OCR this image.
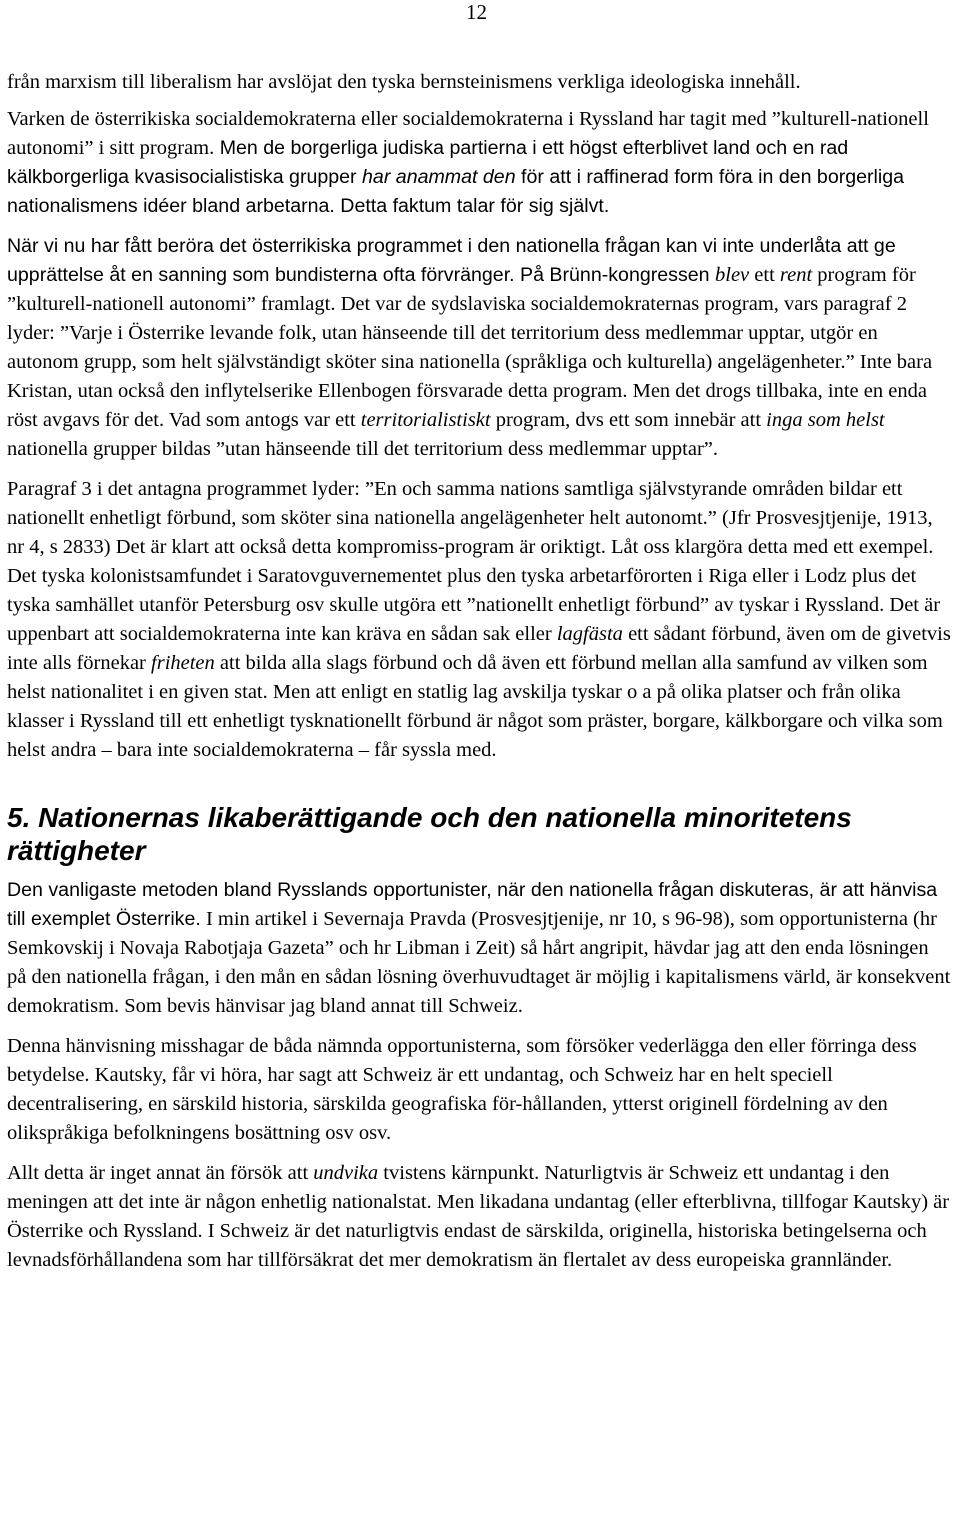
12

från marxism till liberalism har avslöjat den tyska bernsteinismens verkliga ideologiska innehåll.

Varken de österrikiska socialdemokraterna eller socialdemokraterna i Ryssland har tagit med ”kulturell-nationell autonomi” i sitt program. Men de borgerliga judiska partierna i ett högst efterblivet land och en rad kälkborgerliga kvasisocialistiska grupper har anammat den för att i raffinerad form föra in den borgerliga nationalismens idéer bland arbetarna. Detta faktum talar för sig självt.

När vi nu har fått beröra det österrikiska programmet i den nationella frågan kan vi inte underlåta att ge upprättelse åt en sanning som bundisterna ofta förvränger. På Brünn-kongressen blev ett rent program för ”kulturell-nationell autonomi” framlagt. Det var de sydslaviska socialdemokraternas program, vars paragraf 2 lyder: ”Varje i Österrike levande folk, utan hänseende till det territorium dess medlemmar upptar, utgör en autonom grupp, som helt självständigt sköter sina nationella (språkliga och kulturella) angelägenheter.” Inte bara Kristan, utan också den inflytelserike Ellenbogen försvarade detta program. Men det drogs tillbaka, inte en enda röst avgavs för det. Vad som antogs var ett territorialistiskt program, dvs ett som innebär att inga som helst nationella grupper bildas ”utan hänseende till det territorium dess medlemmar upptar”.

Paragraf 3 i det antagna programmet lyder: ”En och samma nations samtliga självstyrande områden bildar ett nationellt enhetligt förbund, som sköter sina nationella angelägenheter helt autonomt.” (Jfr Prosvesjtjenije, 1913, nr 4, s 2833) Det är klart att också detta kompromiss-program är oriktigt. Låt oss klargöra detta med ett exempel. Det tyska kolonistsamfundet i Saratovguvernementet plus den tyska arbetarförorten i Riga eller i Lodz plus det tyska samhället utanför Petersburg osv skulle utgöra ett ”nationellt enhetligt förbund” av tyskar i Ryssland. Det är uppenbart att socialdemokraterna inte kan kräva en sådan sak eller lagfästa ett sådant förbund, även om de givetvis inte alls förnekar friheten att bilda alla slags förbund och då även ett förbund mellan alla samfund av vilken som helst nationalitet i en given stat. Men att enligt en statlig lag avskilja tyskar o a på olika platser och från olika klasser i Ryssland till ett enhetligt tysknationellt förbund är något som präster, borgare, kälkborgare och vilka som helst andra – bara inte socialdemokraterna – får syssla med.

5. Nationernas likaberättigande och den nationella minoritetens rättigheter

Den vanligaste metoden bland Rysslands opportunister, när den nationella frågan diskuteras, är att hänvisa till exemplet Österrike. I min artikel i Severnaja Pravda (Prosvesjtjenije, nr 10, s 96-98), som opportunisterna (hr Semkovskij i Novaja Rabotjaja Gazeta” och hr Libman i Zeit) så hårt angripit, hävdar jag att den enda lösningen på den nationella frågan, i den mån en sådan lösning överhuvudtaget är möjlig i kapitalismens värld, är konsekvent demokratism. Som bevis hänvisar jag bland annat till Schweiz.

Denna hänvisning misshagar de båda nämnda opportunisterna, som försöker vederlägga den eller förringa dess betydelse. Kautsky, får vi höra, har sagt att Schweiz är ett undantag, och Schweiz har en helt speciell decentralisering, en särskild historia, särskilda geografiska för-hållanden, ytterst originell fördelning av den olikspråkiga befolkningens bosättning osv osv.

Allt detta är inget annat än försök att undvika tvistens kärnpunkt. Naturligtvis är Schweiz ett undantag i den meningen att det inte är någon enhetlig nationalstat. Men likadana undantag (eller efterblivna, tillfogar Kautsky) är Österrike och Ryssland. I Schweiz är det naturligtvis endast de särskilda, originella, historiska betingelserna och levnadsförhållandena som har tillförsäkrat det mer demokratism än flertalet av dess europeiska grannländer.
